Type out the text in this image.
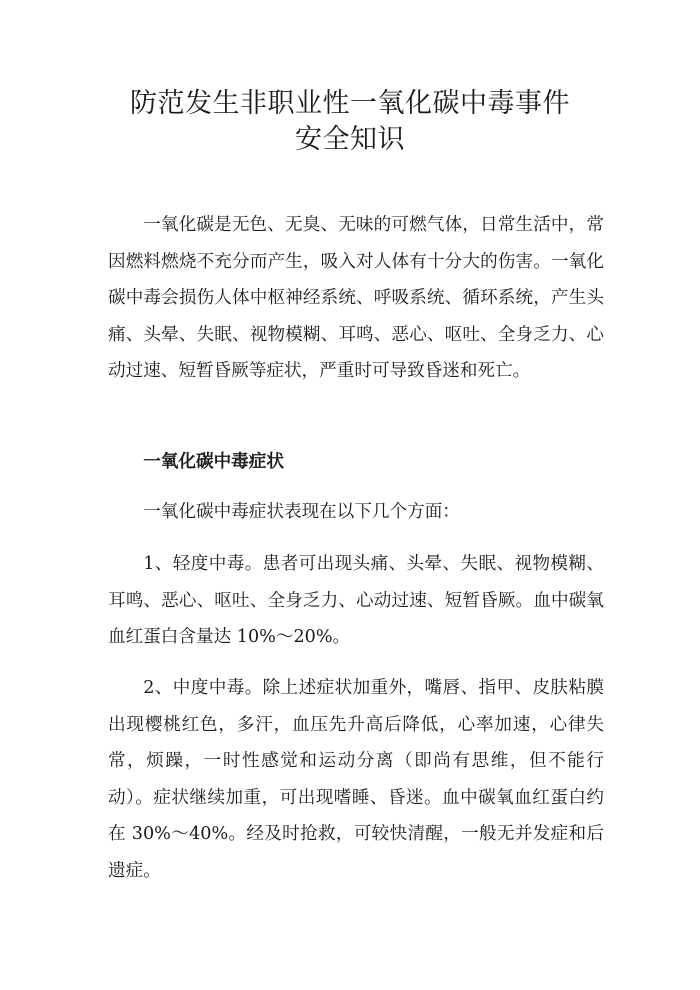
防范发生非职业性一氧化碳中毒事件
安全知识

一氧化碳是无色、无臭、无味的可燃气体，日常生活中，常因燃料燃烧不充分而产生，吸入对人体有十分大的伤害。一氧化碳中毒会损伤人体中枢神经系统、呼吸系统、循环系统，产生头痛、头晕、失眠、视物模糊、耳鸣、恶心、呕吐、全身乏力、心动过速、短暂昏厥等症状，严重时可导致昏迷和死亡。

一氧化碳中毒症状

一氧化碳中毒症状表现在以下几个方面：

1、轻度中毒。患者可出现头痛、头晕、失眠、视物模糊、耳鸣、恶心、呕吐、全身乏力、心动过速、短暂昏厥。血中碳氧血红蛋白含量达 10%～20%。

2、中度中毒。除上述症状加重外，嘴唇、指甲、皮肤粘膜出现樱桃红色，多汗，血压先升高后降低，心率加速，心律失常，烦躁，一时性感觉和运动分离（即尚有思维，但不能行动）。症状继续加重，可出现嗜睡、昏迷。血中碳氧血红蛋白约在 30%～40%。经及时抢救，可较快清醒，一般无并发症和后遗症。
